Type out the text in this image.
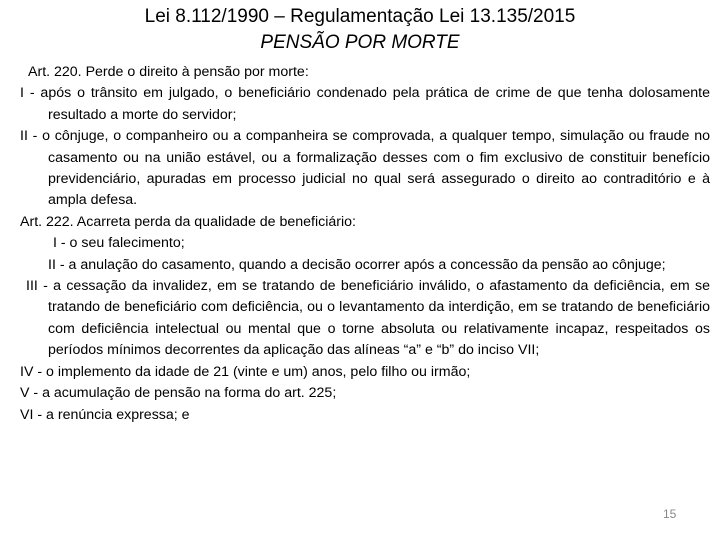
Lei 8.112/1990 – Regulamentação Lei 13.135/2015
PENSÃO POR MORTE

Art. 220. Perde o direito à pensão por morte:

I - após o trânsito em julgado, o beneficiário condenado pela prática de crime de que tenha dolosamente resultado a morte do servidor;

II - o cônjuge, o companheiro ou a companheira se comprovada, a qualquer tempo, simulação ou fraude no casamento ou na união estável, ou a formalização desses com o fim exclusivo de constituir benefício previdenciário, apuradas em processo judicial no qual será assegurado o direito ao contraditório e à ampla defesa.

Art. 222. Acarreta perda da qualidade de beneficiário:

I - o seu falecimento;

II - a anulação do casamento, quando a decisão ocorrer após a concessão da pensão ao cônjuge;

III - a cessação da invalidez, em se tratando de beneficiário inválido, o afastamento da deficiência, em se tratando de beneficiário com deficiência, ou o levantamento da interdição, em se tratando de beneficiário com deficiência intelectual ou mental que o torne absoluta ou relativamente incapaz, respeitados os períodos mínimos decorrentes da aplicação das alíneas “a” e “b” do inciso VII;

IV - o implemento da idade de 21 (vinte e um) anos, pelo filho ou irmão;

V - a acumulação de pensão na forma do art. 225;

VI - a renúncia expressa; e

15
